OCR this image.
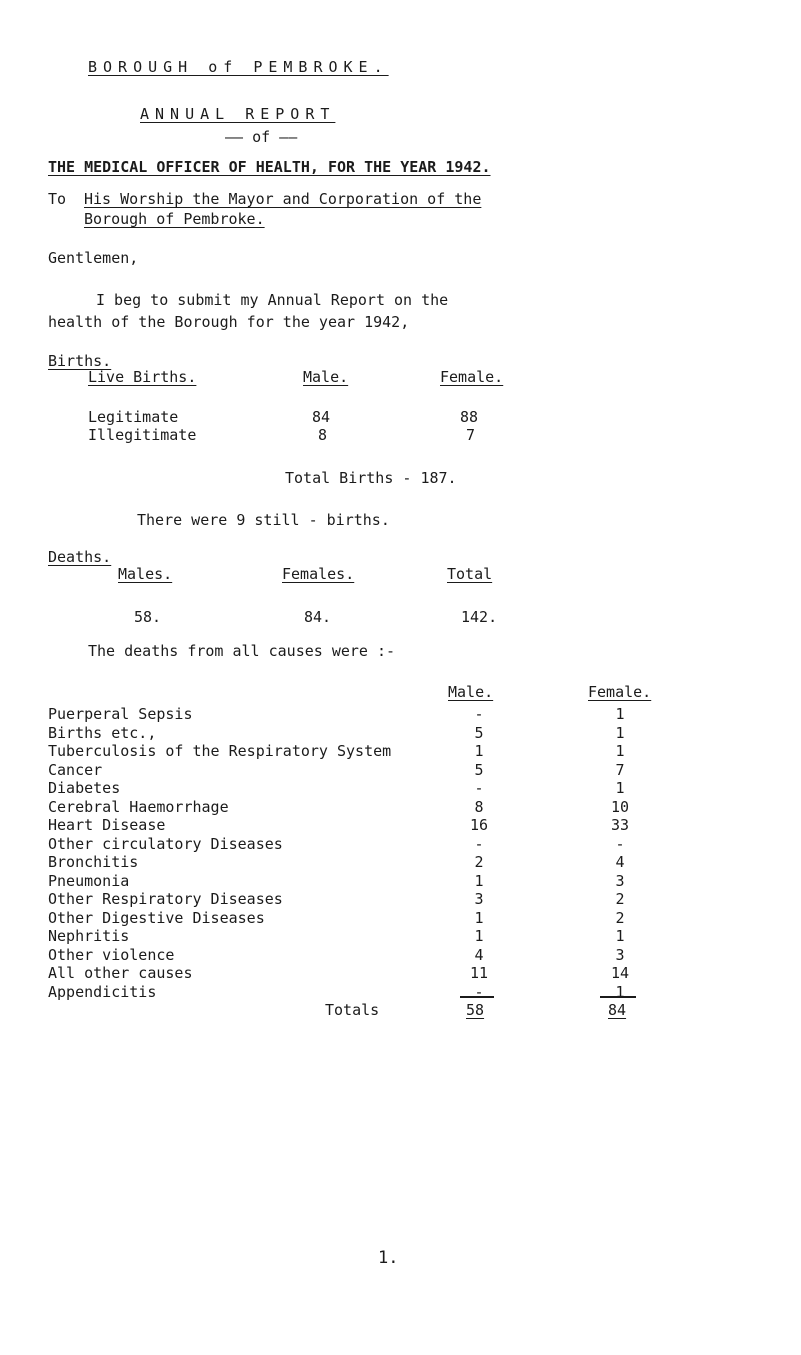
BOROUGH of PEMBROKE.
ANNUAL REPORT
—— of ——
THE MEDICAL OFFICER OF HEALTH, FOR THE YEAR 1942.
To His Worship the Mayor and Corporation of the
Borough of Pembroke.
Gentlemen,
I beg to submit my Annual Report on the
health of the Borough for the year 1942,
Births.
Live Births.	Male.	Female.
Legitimate	84	88
Illegitimate	8	7
Total Births - 187.
There were 9 still - births.
Deaths.
Males.	Females.	Total
58.	84.	142.
The deaths from all causes were :-
Male.	Female.
Puerperal Sepsis	-	1
Births etc.,	5	1
Tuberculosis of the Respiratory System	1	1
Cancer	5	7
Diabetes	-	1
Cerebral Haemorrhage	8	10
Heart Disease	16	33
Other circulatory Diseases	-	-
Bronchitis	2	4
Pneumonia	1	3
Other Respiratory Diseases	3	2
Other Digestive Diseases	1	2
Nephritis	1	1
Other violence	4	3
All other causes	11	14
Appendicitis	-	1
Totals	58	84
1.
